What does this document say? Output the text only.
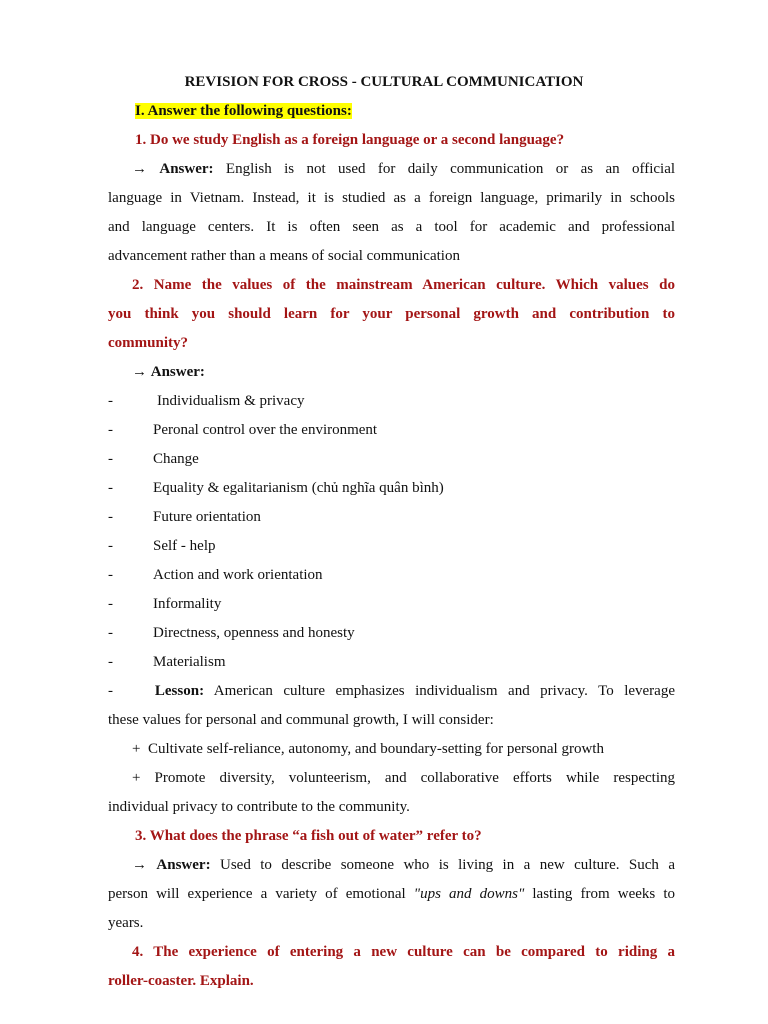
REVISION FOR CROSS - CULTURAL COMMUNICATION
I. Answer the following questions:
1. Do we study English as a foreign language or a second language?
→ Answer: English is not used for daily communication or as an official
language in Vietnam. Instead, it is studied as a foreign language, primarily in schools
and language centers. It is often seen as a tool for academic and professional
advancement rather than a means of social communication
2. Name the values of the mainstream American culture. Which values do
you think you should learn for your personal growth and contribution to
community?
→ Answer:
-	Individualism & privacy
-	Peronal control over the environment
-	Change
-	Equality & egalitarianism (chủ nghĩa quân bình)
-	Future orientation
-	Self - help
-	Action and work orientation
-	Informality
-	Directness, openness and honesty
-	Materialism
-	Lesson: American culture emphasizes individualism and privacy. To leverage
these values for personal and communal growth, I will consider:
+ Cultivate self-reliance, autonomy, and boundary-setting for personal growth
+ Promote diversity, volunteerism, and collaborative efforts while respecting
individual privacy to contribute to the community.
3. What does the phrase “a fish out of water” refer to?
→ Answer: Used to describe someone who is living in a new culture. Such a
person will experience a variety of emotional "ups and downs" lasting from weeks to
years.
4. The experience of entering a new culture can be compared to riding a
roller-coaster. Explain.
